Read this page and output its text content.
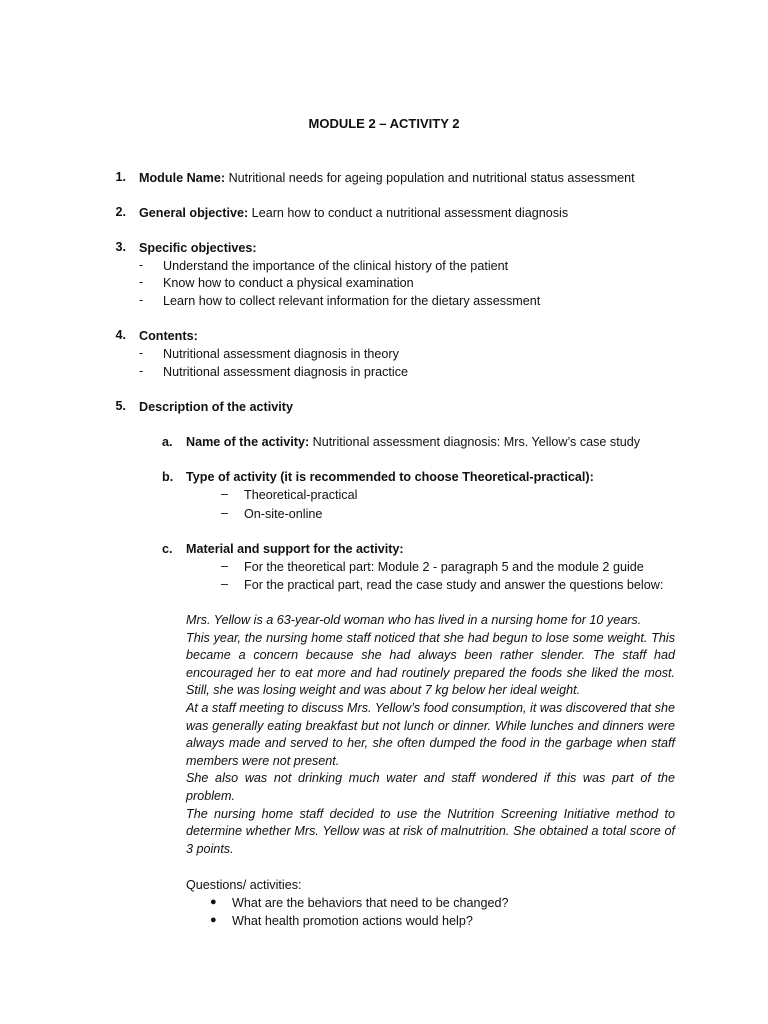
MODULE 2 – ACTIVITY 2
1. Module Name: Nutritional needs for ageing population and nutritional status assessment
2. General objective: Learn how to conduct a nutritional assessment diagnosis
3. Specific objectives:
- Understand the importance of the clinical history of the patient
- Know how to conduct a physical examination
- Learn how to collect relevant information for the dietary assessment
4. Contents:
- Nutritional assessment diagnosis in theory
- Nutritional assessment diagnosis in practice
5. Description of the activity
a. Name of the activity: Nutritional assessment diagnosis: Mrs. Yellow’s case study
b. Type of activity (it is recommended to choose Theoretical-practical):
– Theoretical-practical
– On-site-online
c. Material and support for the activity:
– For the theoretical part: Module 2 - paragraph 5 and the module 2 guide
– For the practical part, read the case study and answer the questions below:

Mrs. Yellow is a 63-year-old woman who has lived in a nursing home for 10 years.

This year, the nursing home staff noticed that she had begun to lose some weight. This became a concern because she had always been rather slender. The staff had encouraged her to eat more and had routinely prepared the foods she liked the most. Still, she was losing weight and was about 7 kg below her ideal weight.

At a staff meeting to discuss Mrs. Yellow’s food consumption, it was discovered that she was generally eating breakfast but not lunch or dinner. While lunches and dinners were always made and served to her, she often dumped the food in the garbage when staff members were not present.

She also was not drinking much water and staff wondered if this was part of the problem.

The nursing home staff decided to use the Nutrition Screening Initiative method to determine whether Mrs. Yellow was at risk of malnutrition. She obtained a total score of 3 points.

Questions/ activities:
● What are the behaviors that need to be changed?
● What health promotion actions would help?
